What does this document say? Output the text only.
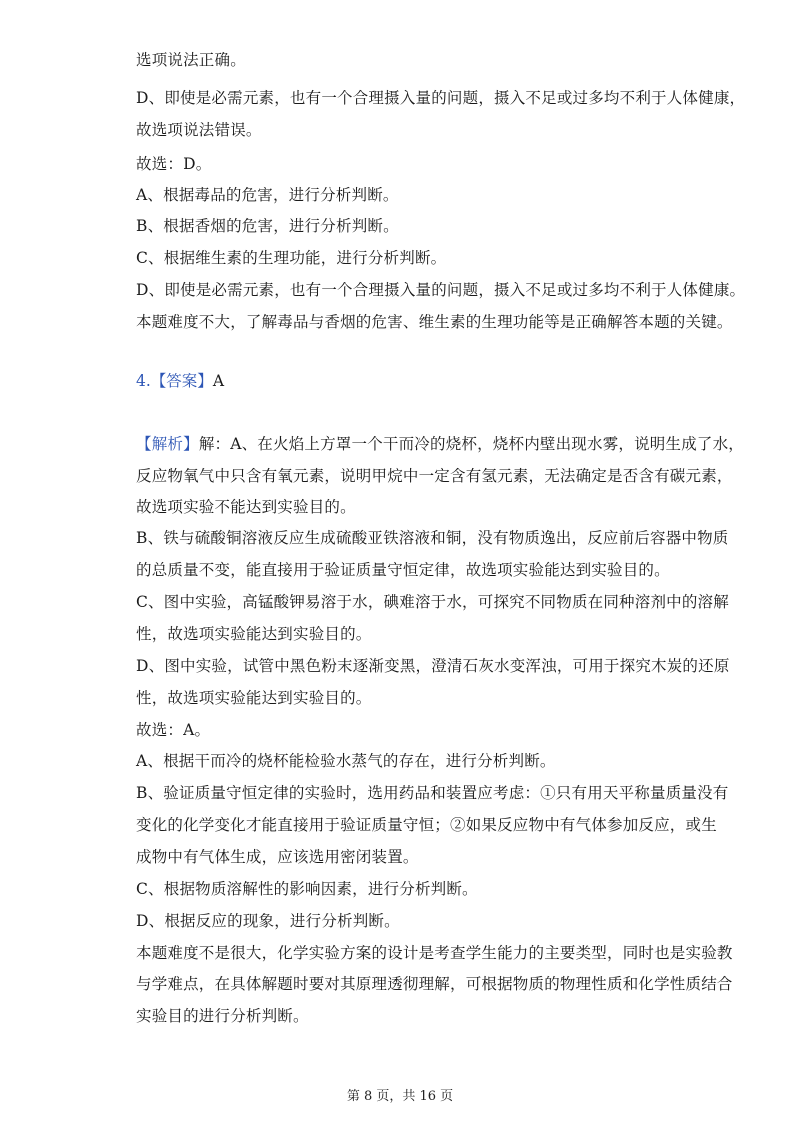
选项说法正确。
D、即使是必需元素，也有一个合理摄入量的问题，摄入不足或过多均不利于人体健康，
故选项说法错误。
故选：D。
A、根据毒品的危害，进行分析判断。
B、根据香烟的危害，进行分析判断。
C、根据维生素的生理功能，进行分析判断。
D、即使是必需元素，也有一个合理摄入量的问题，摄入不足或过多均不利于人体健康。
本题难度不大，了解毒品与香烟的危害、维生素的生理功能等是正确解答本题的关键。
4.【答案】A
【解析】解：A、在火焰上方罩一个干而冷的烧杯，烧杯内壁出现水雾，说明生成了水，
反应物氧气中只含有氧元素，说明甲烷中一定含有氢元素，无法确定是否含有碳元素，
故选项实验不能达到实验目的。
B、铁与硫酸铜溶液反应生成硫酸亚铁溶液和铜，没有物质逸出，反应前后容器中物质
的总质量不变，能直接用于验证质量守恒定律，故选项实验能达到实验目的。
C、图中实验，高锰酸钾易溶于水，碘难溶于水，可探究不同物质在同种溶剂中的溶解
性，故选项实验能达到实验目的。
D、图中实验，试管中黑色粉末逐渐变黑，澄清石灰水变浑浊，可用于探究木炭的还原
性，故选项实验能达到实验目的。
故选：A。
A、根据干而冷的烧杯能检验水蒸气的存在，进行分析判断。
B、验证质量守恒定律的实验时，选用药品和装置应考虑：①只有用天平称量质量没有
变化的化学变化才能直接用于验证质量守恒；②如果反应物中有气体参加反应，或生
成物中有气体生成，应该选用密闭装置。
C、根据物质溶解性的影响因素，进行分析判断。
D、根据反应的现象，进行分析判断。
本题难度不是很大，化学实验方案的设计是考查学生能力的主要类型，同时也是实验教
与学难点，在具体解题时要对其原理透彻理解，可根据物质的物理性质和化学性质结合
实验目的进行分析判断。
第 8 页，共 16 页
